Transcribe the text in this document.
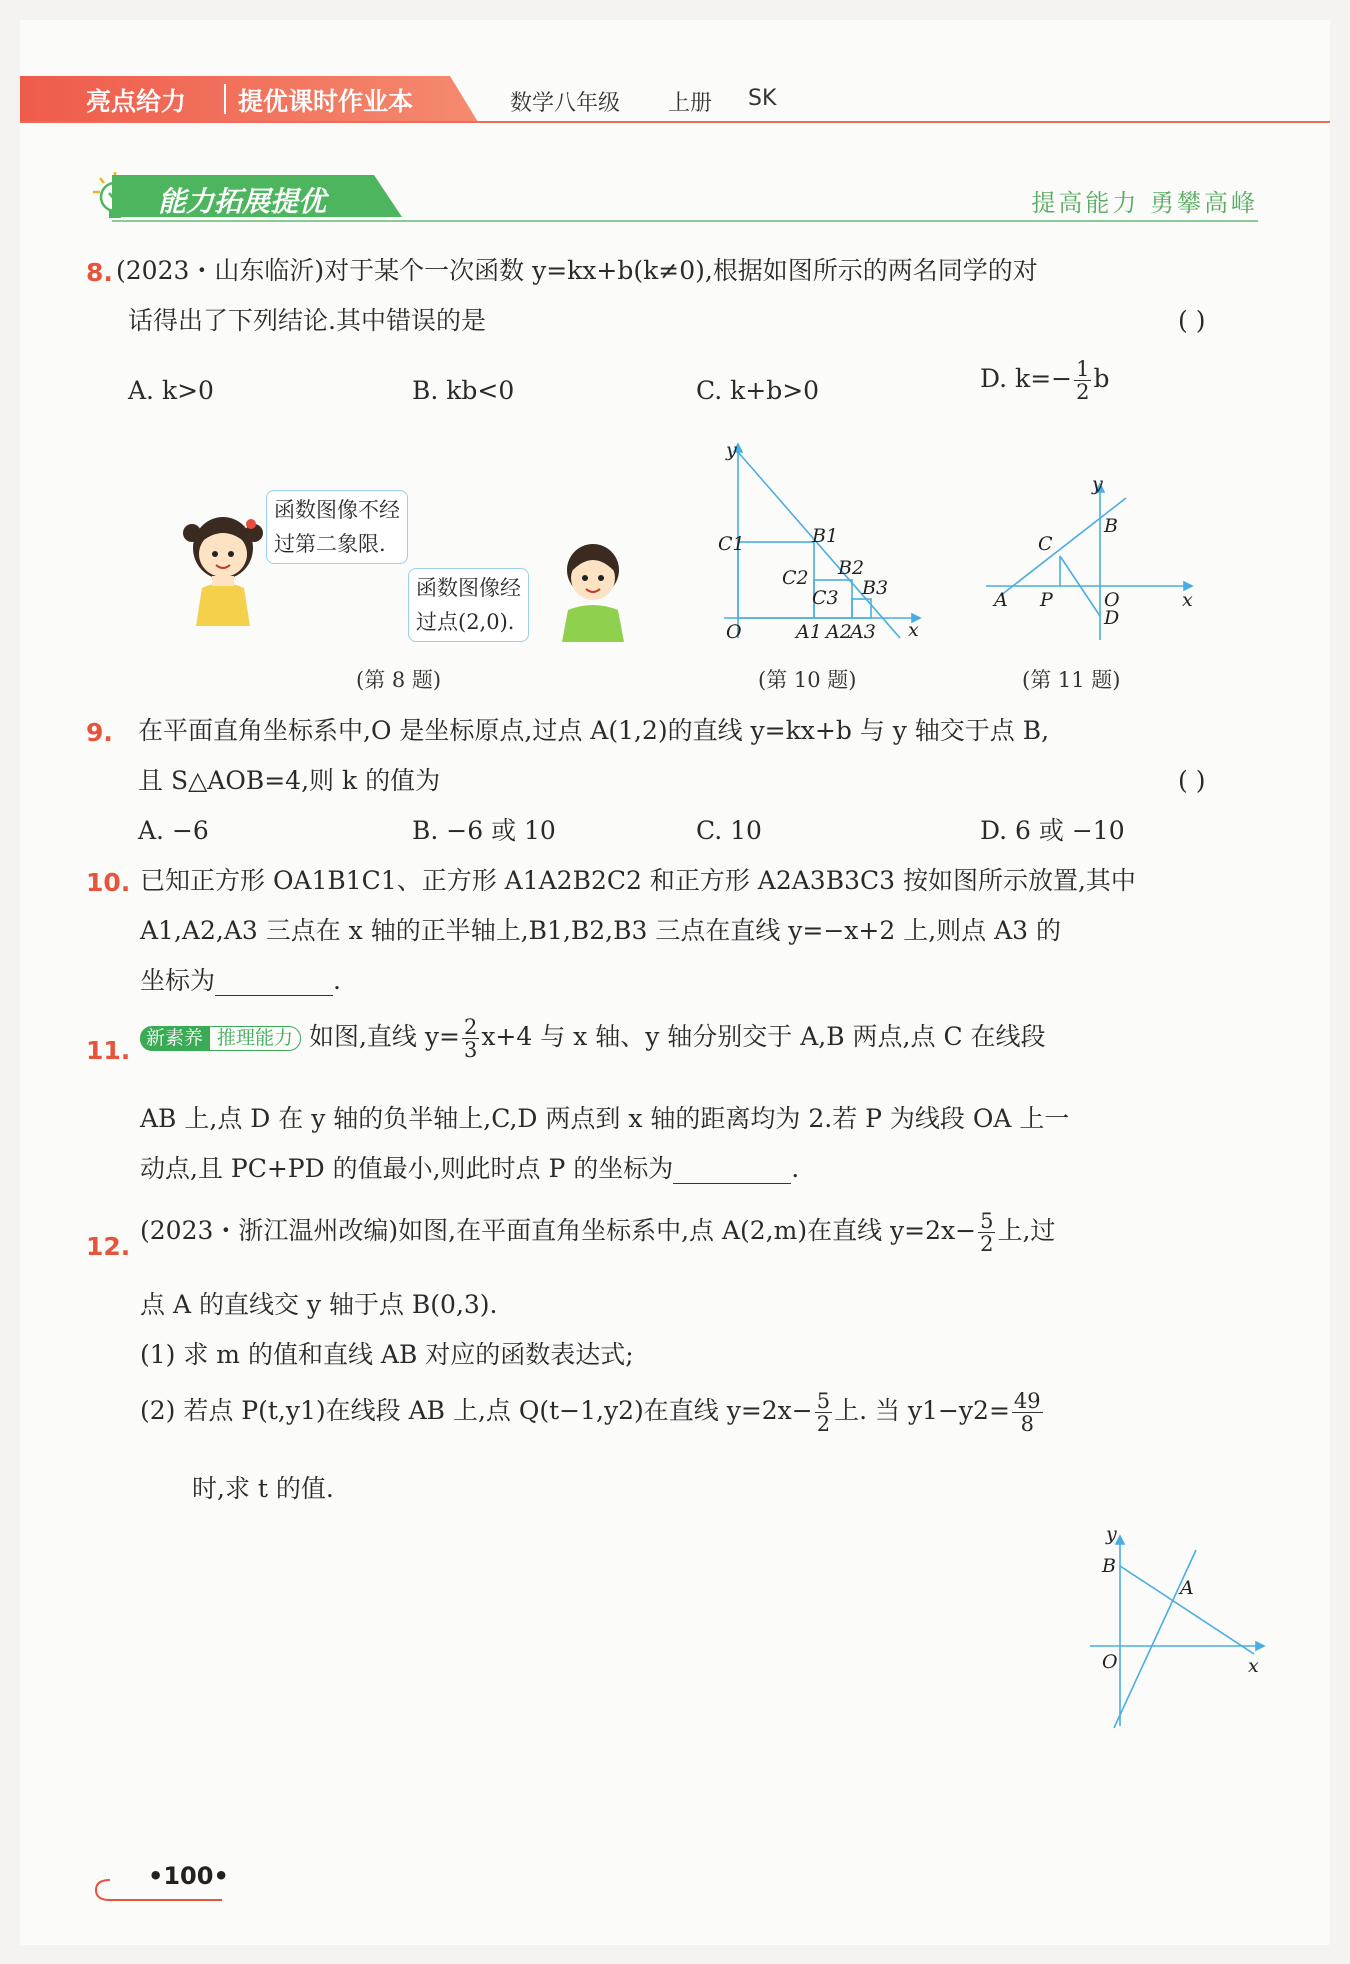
亮点给力 提优课时作业本	数学八年级 上册 SK
能力拓展提优	提高能力 勇攀高峰
8. (2023・山东临沂)对于某个一次函数 y=kx+b(k≠0),根据如图所示的两名同学的对
话得出了下列结论.其中错误的是	( )
A. k>0	B. kb<0	C. k+b>0	D. $k=- \frac{1}{2}$ b
函数图像不经
过第二象限.
函数图像经
过点(2,0).
(第 8 题)
y
x
O
C1	B1
C2 B2
C3 B3
A1 A2
A3
(第 10 题)
y
x
A P	O
B
C
D
(第 11 题)
9. 在平面直角坐标系中,O 是坐标原点,过点 A(1,2)的直线 y=kx+b 与 y 轴交于点 B,
且 S△AOB=4,则 k 的值为	( )
A. −6	B. −6 或 10	C. 10	D. 6 或 −10
10. 已知正方形 OA1B1C1、正方形 A1A2B2C2 和正方形 A2A3B3C3 按如图所示放置,其中
A1,A2,A3 三点在 x 轴的正半轴上,B1,B2,B3 三点在直线 y=−x+2 上,则点 A3 的
坐标为	.
11. 新素养 推理能力 如图,直线 $y= \frac{2}{3} x+4$ 与 x 轴、y 轴分别交于 A,B 两点,点 C 在线段
AB 上,点 D 在 y 轴的负半轴上,C,D 两点到 x 轴的距离均为 2.若 P 为线段 OA 上一
动点,且 PC+PD 的值最小,则此时点 P 的坐标为	.
12.
(2023・浙江温州改编)如图,在平面直角坐标系中,点 A(2,m)在直线 $y=2x- \frac{5}{2}$ 上,过
点 A 的直线交 y 轴于点 B(0,3).
(1) 求 m 的值和直线 AB 对应的函数表达式;
(2) 若点 P(t,y1)在线段 AB 上,点 Q(t−1,y2)在直线 $y=2x- \frac{5}{2}$ 上. 当 $y1-y2= \frac{49}{8}$
时,求 t 的值.
y
x
B
A
O
•100•
